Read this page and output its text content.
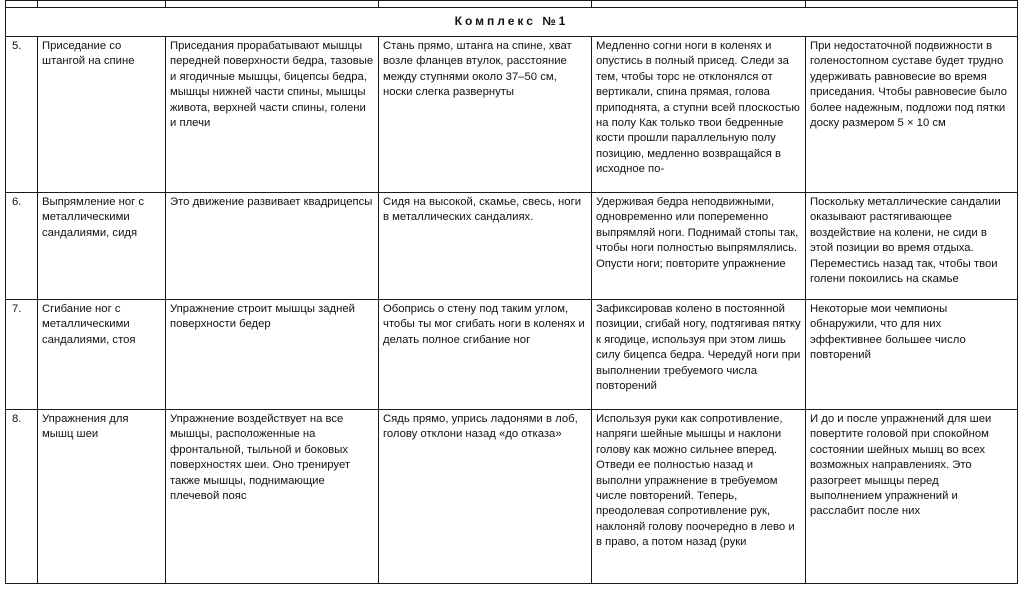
Комплекс №1					
5.	Приседание со штангой на спине	Приседания прорабатывают мышцы передней поверхности бедра, тазовые и ягодичные мышцы, бицепсы бедра, мышцы нижней части спины, мышцы живота, верхней части спины, голени и плечи	Стань прямо, штанга на спине, хват возле фланцев втулок, расстояние между ступнями около 37–50 см, носки слегка развернуты	Медленно согни ноги в коленях и опустись в полный присед. Следи за тем, чтобы торс не отклонялся от вертикали, спина прямая, голова приподнята, а ступни всей плоскостью на полу Как только твои бедренные кости прошли параллельную полу позицию, медленно возвращайся в исходное по-	При недостаточной подвижности в голеностопном суставе будет трудно удерживать равновесие во время приседания. Чтобы равновесие было более надежным, подложи под пятки доску размером 5 × 10 см
6.	Выпрямление ног с металлическими сандалиями, сидя	Это движение развивает квадрицепсы	Сидя на высокой, скамье, свесь, ноги в металлических сандалиях.	Удерживая бедра неподвижными, одновременно или попеременно выпрямляй ноги. Поднимай стопы так, чтобы ноги полностью выпрямлялись. Опусти ноги; повторите упражнение	Поскольку металлические сандалии оказывают растягивающее воздействие на колени, не сиди в этой позиции во время отдыха. Переместись назад так, чтобы твои голени покоились на скамье
7.	Сгибание ног с металлическими сандалиями, стоя	Упражнение строит мышцы задней поверхности бедер	Обопрись о стену под таким углом, чтобы ты мог сгибать ноги в коленях и делать полное сгибание ног	Зафиксировав колено в постоянной позиции, сгибай ногу, подтягивая пятку к ягодице, используя при этом лишь силу бицепса бедра. Чередуй ноги при выполнении требуемого числа повторений	Некоторые мои чемпионы обнаружили, что для них эффективнее большее число повторений
8.	Упражнения для мышц шеи	Упражнение воздействует на все мышцы, расположенные на фронтальной, тыльной и боковых поверхностях шеи. Оно тренирует также мышцы, поднимающие плечевой пояс	Сядь прямо, упрись ладонями в лоб, голову отклони назад «до отказа»	Используя руки как сопротивление, напряги шейные мышцы и наклони голову как можно сильнее вперед. Отведи ее полностью назад и выполни упражнение в требуемом числе повторений. Теперь, преодолевая сопротивление рук, наклоняй голову поочередно в лево и в право, а потом назад (руки	И до и после упражнений для шеи повертите головой при спокойном состоянии шейных мышц во всех возможных направлениях. Это разогреет мышцы перед выполнением упражнений и расслабит после них
